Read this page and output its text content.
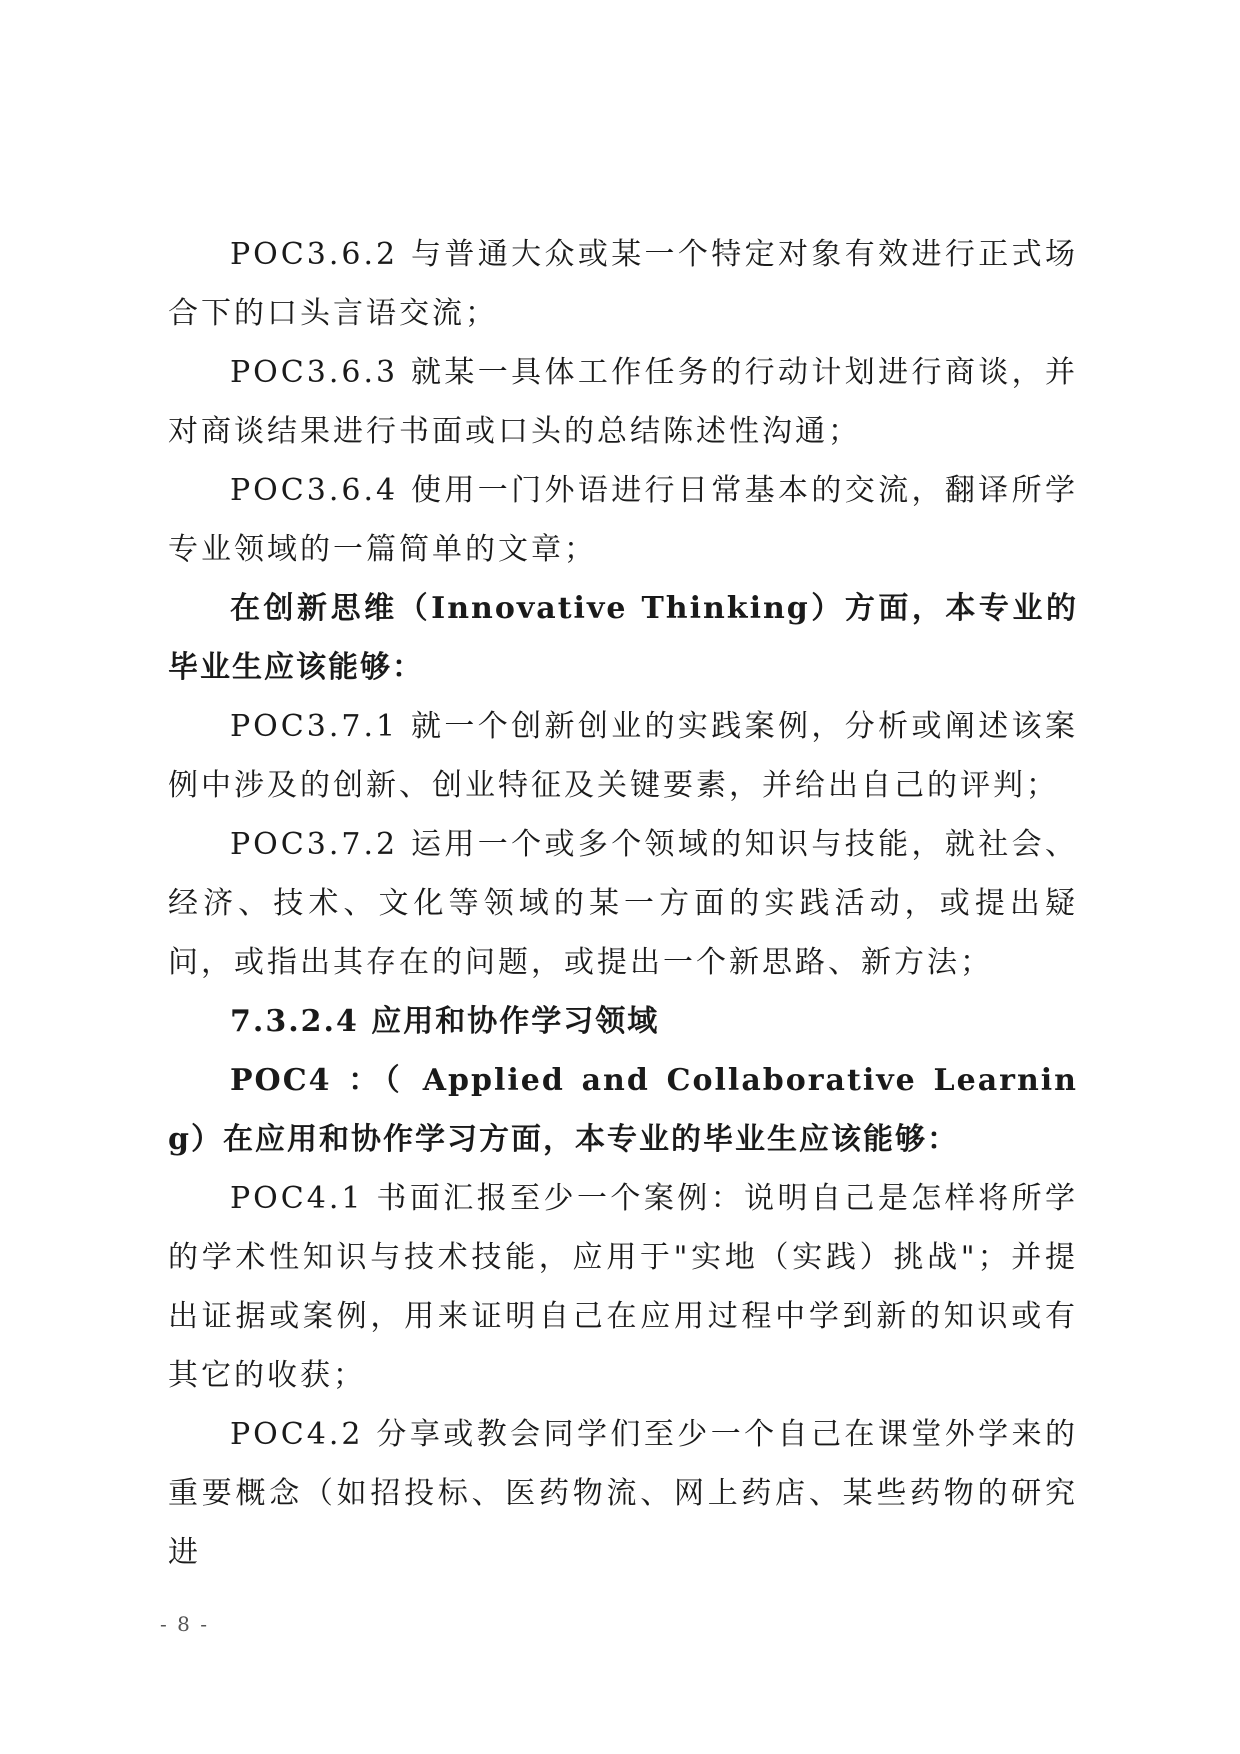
POC3.6.2 与普通大众或某一个特定对象有效进行正式场合下的口头言语交流；

POC3.6.3 就某一具体工作任务的行动计划进行商谈，并对商谈结果进行书面或口头的总结陈述性沟通；

POC3.6.4 使用一门外语进行日常基本的交流，翻译所学专业领域的一篇简单的文章；

在创新思维（Innovative Thinking）方面，本专业的毕业生应该能够：

POC3.7.1 就一个创新创业的实践案例，分析或阐述该案例中涉及的创新、创业特征及关键要素，并给出自己的评判；

POC3.7.2 运用一个或多个领域的知识与技能，就社会、经济、技术、文化等领域的某一方面的实践活动，或提出疑问，或指出其存在的问题，或提出一个新思路、新方法；

7.3.2.4 应用和协作学习领域

POC4 ：（ Applied and Collaborative Learning）在应用和协作学习方面，本专业的毕业生应该能够：

POC4.1 书面汇报至少一个案例：说明自己是怎样将所学的学术性知识与技术技能，应用于"实地（实践）挑战"；并提出证据或案例，用来证明自己在应用过程中学到新的知识或有其它的收获；

POC4.2 分享或教会同学们至少一个自己在课堂外学来的重要概念（如招投标、医药物流、网上药店、某些药物的研究进

- 8 -
